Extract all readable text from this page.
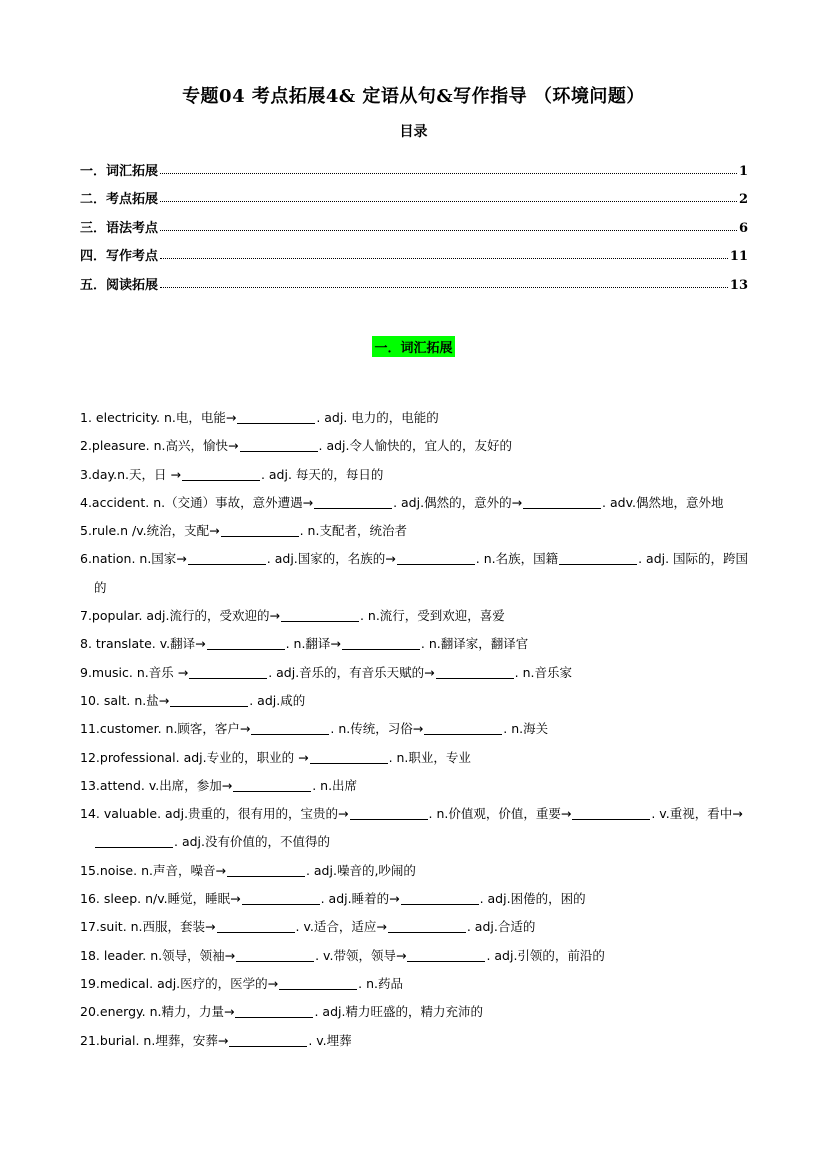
专题04 考点拓展4& 定语从句&写作指导 （环境问题）
目录
一．词汇拓展	1
二．考点拓展	2
三．语法考点	6
四．写作考点	11
五．阅读拓展	13
一．词汇拓展
1. electricity. n.电，电能→	. adj. 电力的，电能的
2.pleasure. n.高兴，愉快→	. adj.令人愉快的，宜人的，友好的
3.day.n.天，日 →	. adj. 每天的，每日的
4.accident. n.（交通）事故，意外遭遇→	. adj.偶然的，意外的→	. adv.偶然地，意外地
5.rule.n /v.统治，支配→	. n.支配者，统治者
6.nation. n.国家→	. adj.国家的，名族的→	. n.名族，国籍	. adj. 国际的，跨国的
7.popular. adj.流行的，受欢迎的→	. n.流行，受到欢迎，喜爱
8. translate. v.翻译→	. n.翻译→	. n.翻译家，翻译官
9.music. n.音乐 →	. adj.音乐的，有音乐天赋的→	. n.音乐家
10. salt. n.盐→	. adj.咸的
11.customer. n.顾客，客户→	. n.传统，习俗→	. n.海关
12.professional. adj.专业的，职业的 →	. n.职业，专业
13.attend. v.出席，参加→	. n.出席
14. valuable. adj.贵重的，很有用的，宝贵的→	. n.价值观，价值，重要→	. v.重视，看中→. adj.没有价值的，不值得的
15.noise. n.声音，噪音→	. adj.噪音的,吵闹的
16. sleep. n/v.睡觉，睡眠→	. adj.睡着的→	. adj.困倦的，困的
17.suit. n.西服，套装→	. v.适合，适应→	. adj.合适的
18. leader. n.领导，领袖→	. v.带领，领导→	. adj.引领的，前沿的
19.medical. adj.医疗的，医学的→	. n.药品
20.energy. n.精力，力量→	. adj.精力旺盛的，精力充沛的
21.burial. n.埋葬，安葬→	. v.埋葬
